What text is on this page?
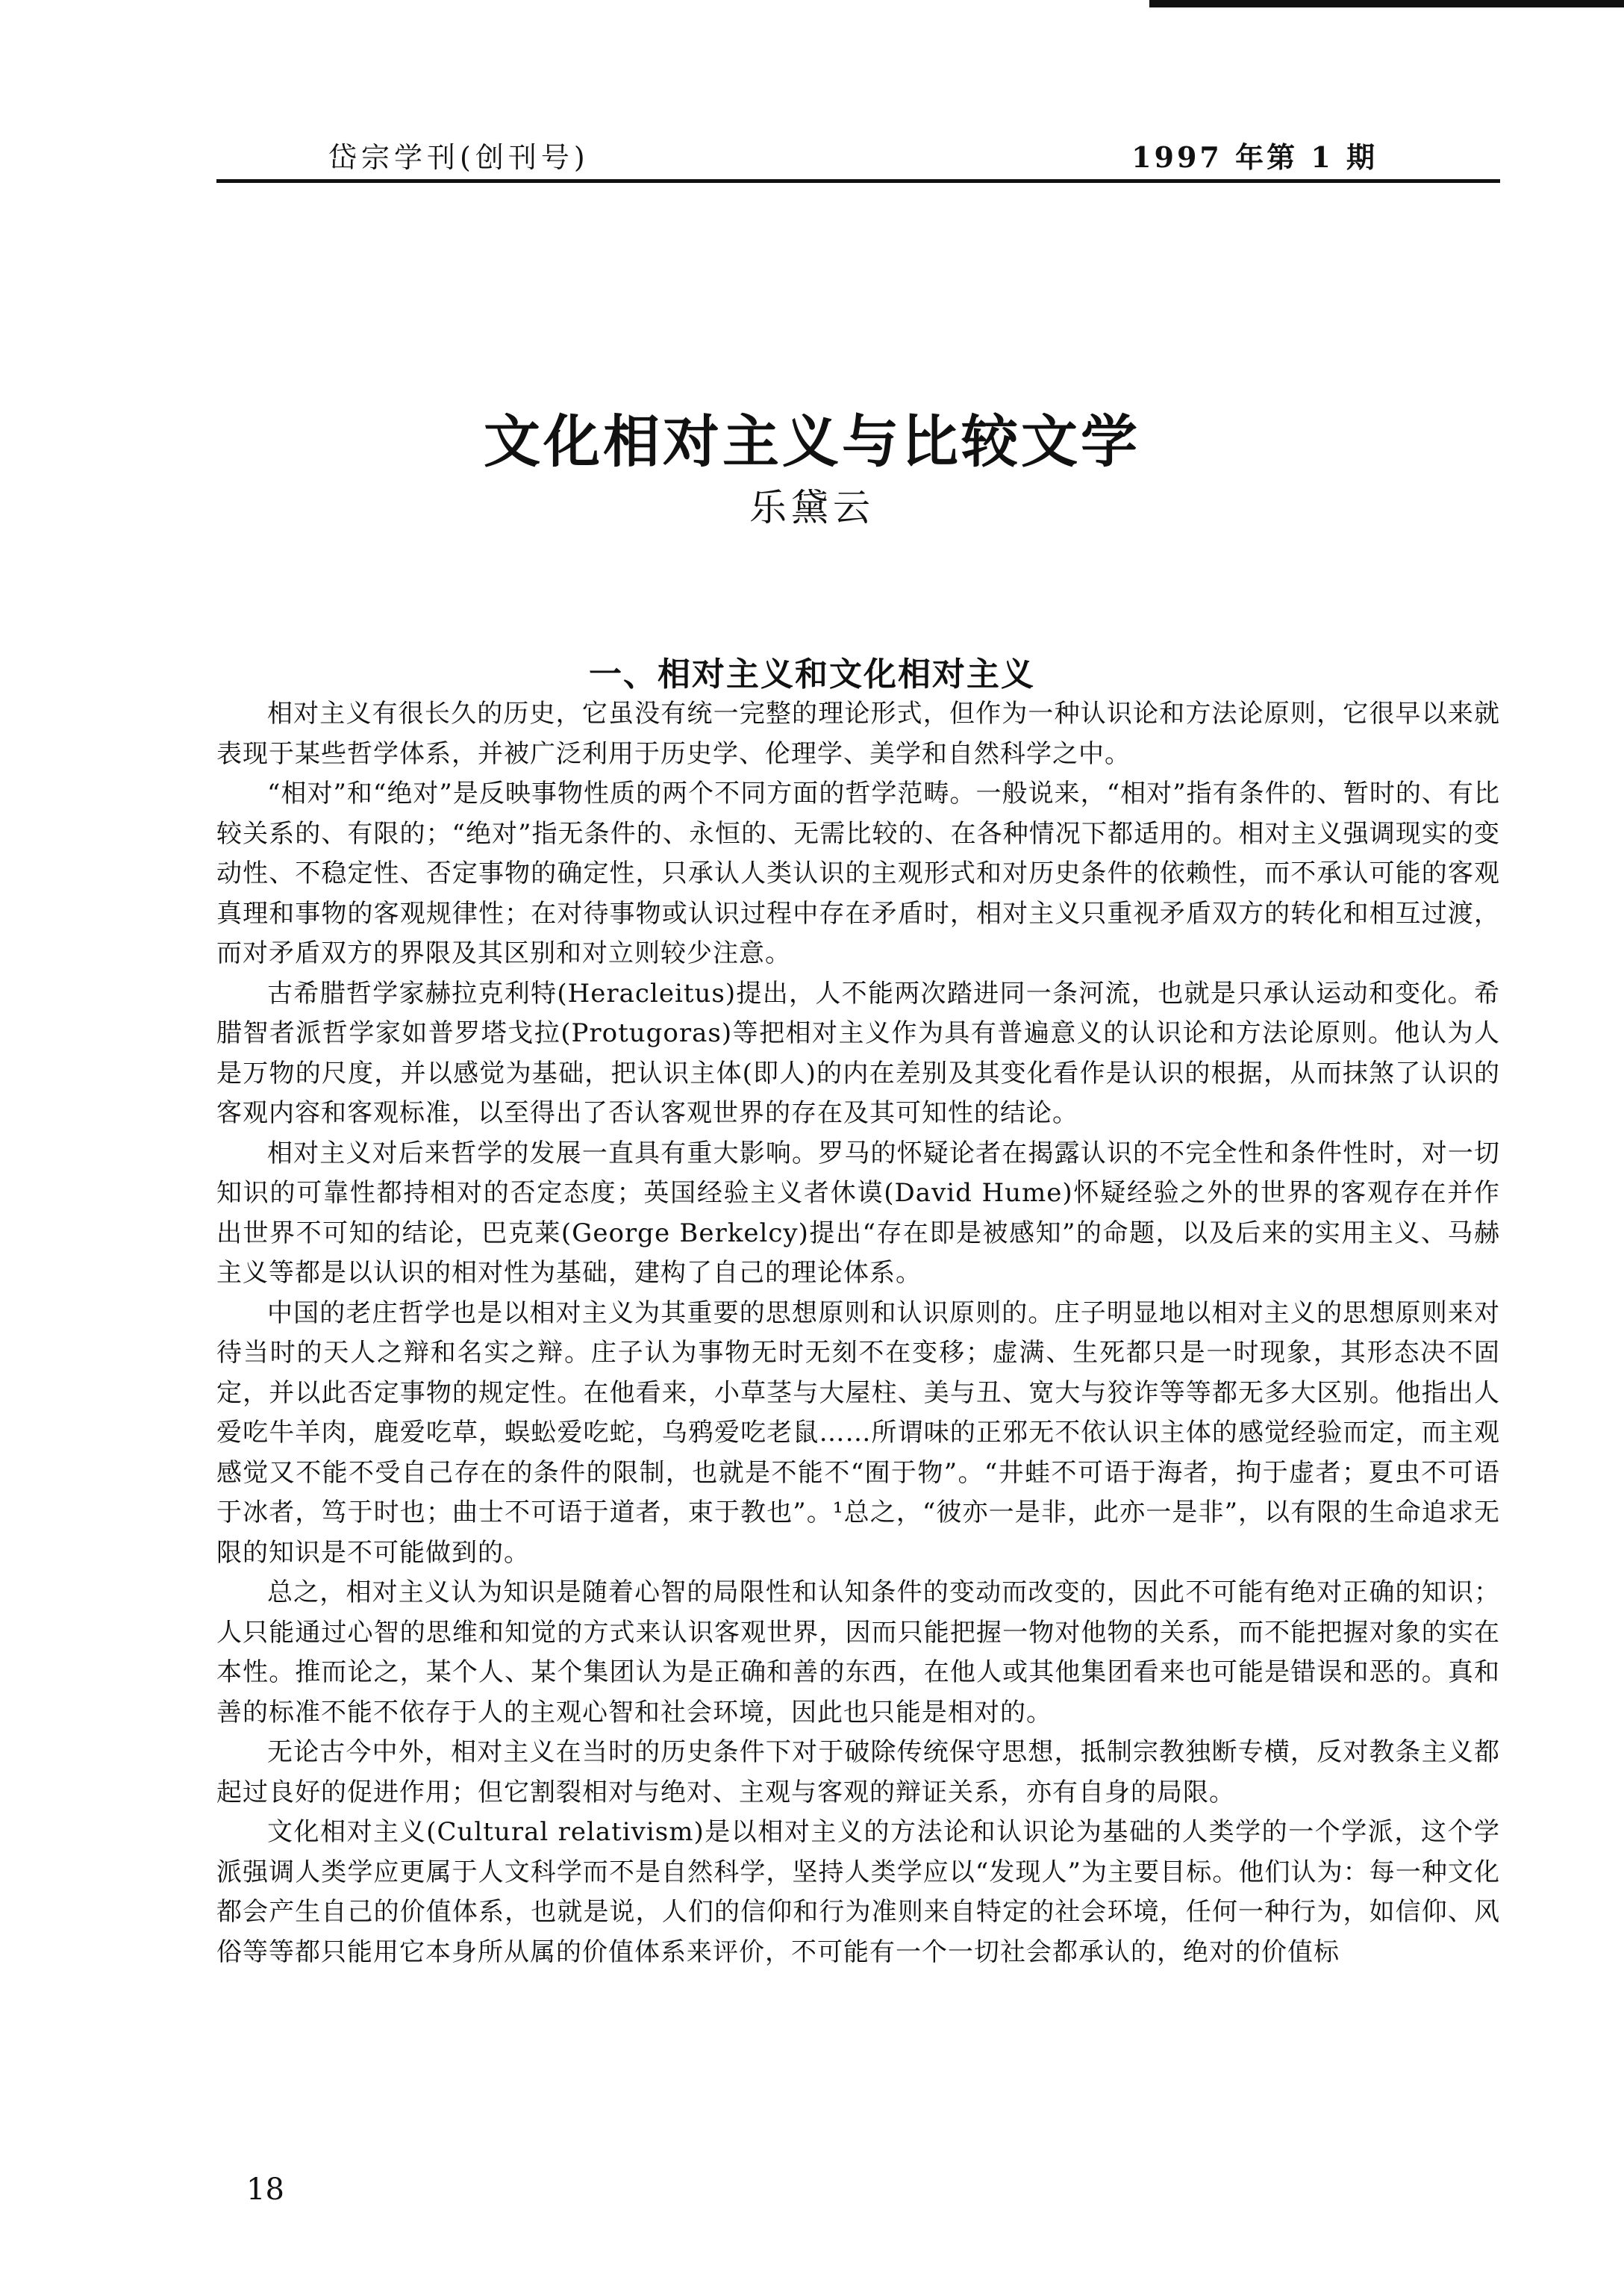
岱宗学刊(创刊号)	1997 年第 1 期
文化相对主义与比较文学
乐黛云
一、相对主义和文化相对主义

相对主义有很长久的历史，它虽没有统一完整的理论形式，但作为一种认识论和方法论原则，它很早以来就表现于某些哲学体系，并被广泛利用于历史学、伦理学、美学和自然科学之中。

“相对”和“绝对”是反映事物性质的两个不同方面的哲学范畴。一般说来，“相对”指有条件的、暂时的、有比较关系的、有限的；“绝对”指无条件的、永恒的、无需比较的、在各种情况下都适用的。相对主义强调现实的变动性、不稳定性、否定事物的确定性，只承认人类认识的主观形式和对历史条件的依赖性，而不承认可能的客观真理和事物的客观规律性；在对待事物或认识过程中存在矛盾时，相对主义只重视矛盾双方的转化和相互过渡，而对矛盾双方的界限及其区别和对立则较少注意。

古希腊哲学家赫拉克利特(Heracleitus)提出，人不能两次踏进同一条河流，也就是只承认运动和变化。希腊智者派哲学家如普罗塔戈拉(Protugoras)等把相对主义作为具有普遍意义的认识论和方法论原则。他认为人是万物的尺度，并以感觉为基础，把认识主体(即人)的内在差别及其变化看作是认识的根据，从而抹煞了认识的客观内容和客观标准，以至得出了否认客观世界的存在及其可知性的结论。

相对主义对后来哲学的发展一直具有重大影响。罗马的怀疑论者在揭露认识的不完全性和条件性时，对一切知识的可靠性都持相对的否定态度；英国经验主义者休谟(David Hume)怀疑经验之外的世界的客观存在并作出世界不可知的结论，巴克莱(George Berkelcy)提出“存在即是被感知”的命题，以及后来的实用主义、马赫主义等都是以认识的相对性为基础，建构了自己的理论体系。

中国的老庄哲学也是以相对主义为其重要的思想原则和认识原则的。庄子明显地以相对主义的思想原则来对待当时的天人之辩和名实之辩。庄子认为事物无时无刻不在变移；虚满、生死都只是一时现象，其形态决不固定，并以此否定事物的规定性。在他看来，小草茎与大屋柱、美与丑、宽大与狡诈等等都无多大区别。他指出人爱吃牛羊肉，鹿爱吃草，蜈蚣爱吃蛇，乌鸦爱吃老鼠……所谓味的正邪无不依认识主体的感觉经验而定，而主观感觉又不能不受自己存在的条件的限制，也就是不能不“囿于物”。“井蛙不可语于海者，拘于虚者；夏虫不可语于冰者，笃于时也；曲士不可语于道者，束于教也”。¹总之，“彼亦一是非，此亦一是非”，以有限的生命追求无限的知识是不可能做到的。

总之，相对主义认为知识是随着心智的局限性和认知条件的变动而改变的，因此不可能有绝对正确的知识；人只能通过心智的思维和知觉的方式来认识客观世界，因而只能把握一物对他物的关系，而不能把握对象的实在本性。推而论之，某个人、某个集团认为是正确和善的东西，在他人或其他集团看来也可能是错误和恶的。真和善的标准不能不依存于人的主观心智和社会环境，因此也只能是相对的。

无论古今中外，相对主义在当时的历史条件下对于破除传统保守思想，抵制宗教独断专横，反对教条主义都起过良好的促进作用；但它割裂相对与绝对、主观与客观的辩证关系，亦有自身的局限。

文化相对主义(Cultural relativism)是以相对主义的方法论和认识论为基础的人类学的一个学派，这个学派强调人类学应更属于人文科学而不是自然科学，坚持人类学应以“发现人”为主要目标。他们认为：每一种文化都会产生自己的价值体系，也就是说，人们的信仰和行为准则来自特定的社会环境，任何一种行为，如信仰、风俗等等都只能用它本身所从属的价值体系来评价，不可能有一个一切社会都承认的，绝对的价值标

18
